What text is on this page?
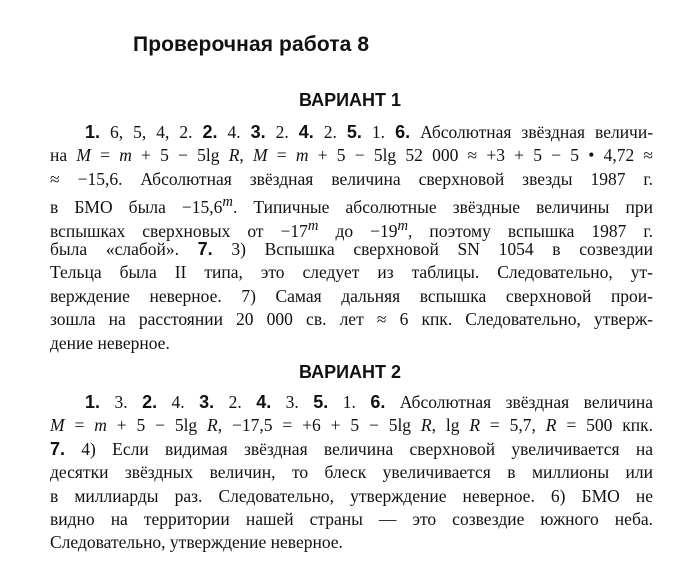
Проверочная работа 8
ВАРИАНТ 1
1. 6, 5, 4, 2. 2. 4. 3. 2. 4. 2. 5. 1. 6. Абсолютная звёздная величи-
на M = m + 5 − 5lg R, M = m + 5 − 5lg 52 000 ≈ +3 + 5 − 5 • 4,72 ≈
≈ −15,6. Абсолютная звёздная величина сверхновой звезды 1987 г.
в БМО была $-15,6^m$. Типичные абсолютные звёздные величины при
вспышках сверхновых от $-17^m$ до $-19^m$, поэтому вспышка 1987 г.
была «слабой». 7. 3) Вспышка сверхновой SN 1054 в созвездии
Тельца была II типа, это следует из таблицы. Следовательно, ут-
верждение неверное. 7) Самая дальняя вспышка сверхновой прои-
зошла на расстоянии 20 000 св. лет ≈ 6 кпк. Следовательно, утверж-
дение неверное.
ВАРИАНТ 2
1. 3. 2. 4. 3. 2. 4. 3. 5. 1. 6. Абсолютная звёздная величина
M = m + 5 − 5lg R, −17,5 = +6 + 5 − 5lg R, lg R = 5,7, R = 500 кпк.
7. 4) Если видимая звёздная величина сверхновой увеличивается на
десятки звёздных величин, то блеск увеличивается в миллионы или
в миллиарды раз. Следовательно, утверждение неверное. 6) БМО не
видно на территории нашей страны — это созвездие южного неба.
Следовательно, утверждение неверное.
